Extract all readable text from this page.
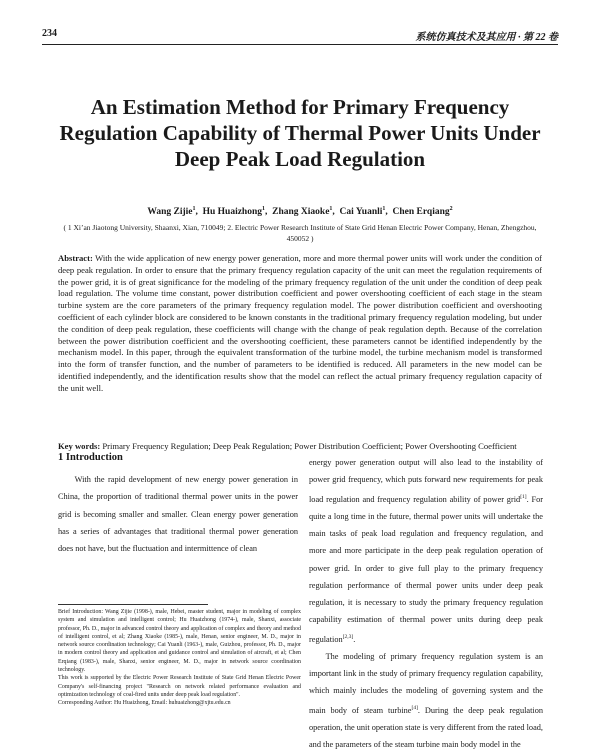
234	系统仿真技术及其应用 · 第 22 卷
An Estimation Method for Primary Frequency Regulation Capability of Thermal Power Units Under Deep Peak Load Regulation
Wang Zijie$^1$,  Hu Huaizhong$^1$,  Zhang Xiaoke$^1$,  Cai Yuanli$^1$,  Chen Erqiang$^2$
( 1 Xi’an Jiaotong University, Shaanxi, Xian, 710049; 2. Electric Power Research Institute of State Grid Henan Electric Power Company, Henan, Zhengzhou, 450052 )
Abstract: With the wide application of new energy power generation, more and more thermal power units will work under the condition of deep peak regulation. In order to ensure that the primary frequency regulation capacity of the unit can meet the regulation requirements of the power grid, it is of great significance for the modeling of the primary frequency regulation of the unit under the condition of deep peak load regulation. The volume time constant, power distribution coefficient and power overshooting coefficient of each stage in the steam turbine system are the core parameters of the primary frequency regulation model. The power distribution coefficient and overshooting coefficient of each cylinder block are considered to be known constants in the traditional primary frequency regulation modeling, but under the condition of deep peak regulation, these coefficients will change with the change of peak regulation depth. Because of the correlation between the power distribution coefficient and the overshooting coefficient, these parameters cannot be identified independently by the mechanism model. In this paper, through the equivalent transformation of the turbine model, the turbine mechanism model is transformed into the form of transfer function, and the number of parameters to be identified is reduced. All parameters in the new model can be identified independently, and the identification results show that the model can reflect the actual primary frequency regulation capacity of the unit well.
Key words: Primary Frequency Regulation; Deep Peak Regulation; Power Distribution Coefficient; Power Overshooting Coefficient
1 Introduction

With the rapid development of new energy power generation in China, the proportion of traditional thermal power units in the power grid is becoming smaller and smaller. Clean energy power generation has a series of advantages that traditional thermal power generation does not have, but the fluctuation and intermittence of clean

energy power generation output will also lead to the instability of power grid frequency, which puts forward new requirements for peak load regulation and frequency regulation ability of power grid[1]. For quite a long time in the future, thermal power units will undertake the main tasks of peak load regulation and frequency regulation, and more and more participate in the deep peak regulation operation of power grid. In order to give full play to the primary frequency regulation performance of thermal power units under deep peak regulation, it is necessary to study the primary frequency regulation capability estimation of thermal power units during deep peak regulation[2,3].

The modeling of primary frequency regulation system is an important link in the study of primary frequency regulation capability, which mainly includes the modeling of governing system and the main body of steam turbine[4]. During the deep peak regulation operation, the unit operation state is very different from the rated load, and the parameters of the steam turbine main body model in the

Brief Introduction: Wang Zijie (1998-), male, Hebei, master student, major in modeling of complex system and simulation and intelligent control; Hu Huaizhong (1974-), male, Shanxi, associate professor, Ph. D., major in advanced control theory and application of complex and theory and method of intelligent control, et al; Zhang Xiaoke (1985-), male, Henan, senior engineer, M. D., major in network source coordination technology; Cai Yuanli (1963-), male, Guizhou, professor, Ph. D., major in modern control theory and application and guidance control and simulation of aircraft, et al; Chen Erqiang (1983-), male, Shanxi, senior engineer, M. D., major in network source coordination technology.

This work is supported by the Electric Power Research Institute of State Grid Henan Electric Power Company's self-financing project "Research on network related performance evaluation and optimization technology of coal-fired units under deep peak load regulation".

Corresponding Author: Hu Huaizhong, Email: huhuaizhong@xjtu.edu.cn
